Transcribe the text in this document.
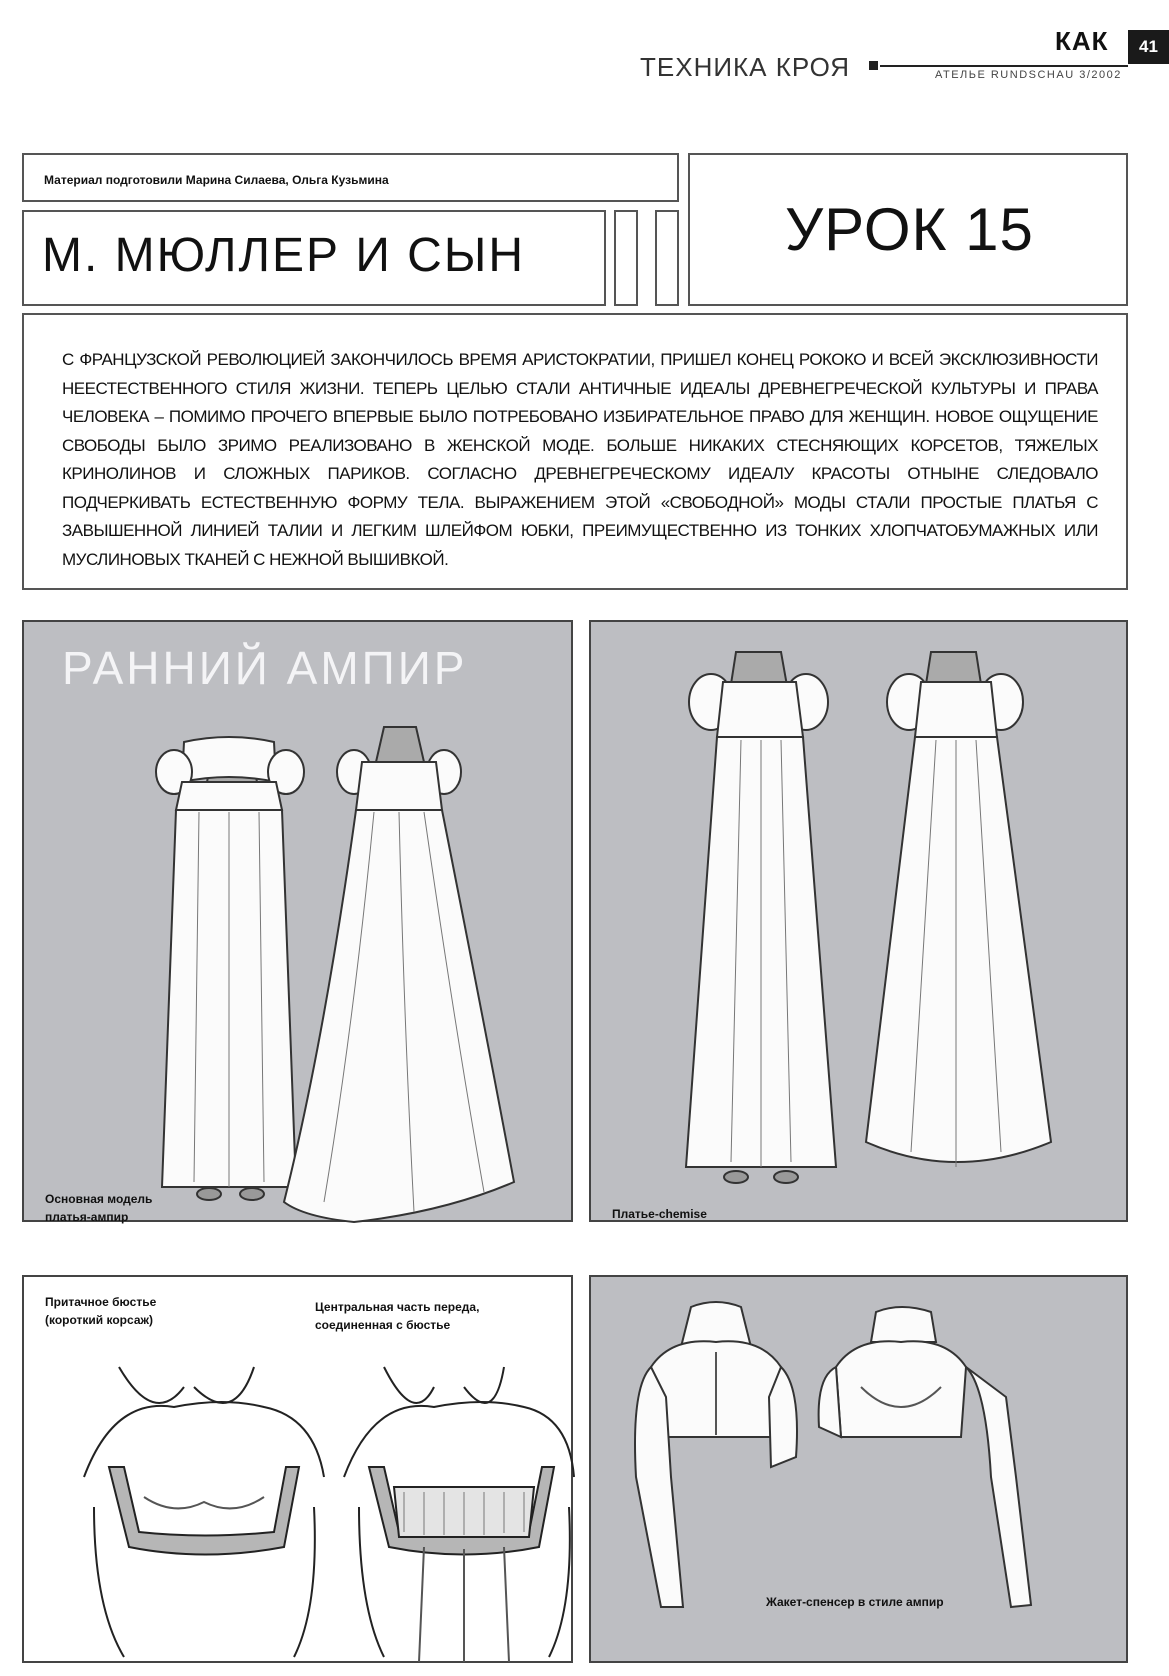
КАК	41
ТЕХНИКА КРОЯ	АТЕЛЬЕ RUNDSCHAU 3/2002
Материал подготовили Марина Силаева, Ольга Кузьмина
М. МЮЛЛЕР И СЫН	УРОК 15
С ФРАНЦУЗСКОЙ РЕВОЛЮЦИЕЙ ЗАКОНЧИЛОСЬ ВРЕМЯ АРИСТОКРАТИИ, ПРИШЕЛ КОНЕЦ РОКОКО И ВСЕЙ ЭКСКЛЮЗИВНОСТИ НЕЕСТЕСТВЕННОГО СТИЛЯ ЖИЗНИ. ТЕПЕРЬ ЦЕЛЬЮ СТАЛИ АНТИЧНЫЕ ИДЕАЛЫ ДРЕВНЕГРЕЧЕСКОЙ КУЛЬТУРЫ И ПРАВА ЧЕЛОВЕКА – ПОМИМО ПРОЧЕГО ВПЕРВЫЕ БЫЛО ПОТРЕБОВАНО ИЗБИРАТЕЛЬНОЕ ПРАВО ДЛЯ ЖЕНЩИН. НОВОЕ ОЩУЩЕНИЕ СВОБОДЫ БЫЛО ЗРИМО РЕАЛИЗОВАНО В ЖЕНСКОЙ МОДЕ. БОЛЬШЕ НИКАКИХ СТЕСНЯЮЩИХ КОРСЕТОВ, ТЯЖЕЛЫХ КРИНОЛИНОВ И СЛОЖНЫХ ПАРИКОВ. СОГЛАСНО ДРЕВНЕГРЕЧЕСКОМУ ИДЕАЛУ КРАСОТЫ ОТНЫНЕ СЛЕДОВАЛО ПОДЧЕРКИВАТЬ ЕСТЕСТВЕННУЮ ФОРМУ ТЕЛА. ВЫРАЖЕНИЕМ ЭТОЙ «СВОБОДНОЙ» МОДЫ СТАЛИ ПРОСТЫЕ ПЛАТЬЯ С ЗАВЫШЕННОЙ ЛИНИЕЙ ТАЛИИ И ЛЕГКИМ ШЛЕЙФОМ ЮБКИ, ПРЕИМУЩЕСТВЕННО ИЗ ТОНКИХ ХЛОПЧАТОБУМАЖНЫХ ИЛИ МУСЛИНОВЫХ ТКАНЕЙ С НЕЖНОЙ ВЫШИВКОЙ.
РАННИЙ АМПИР
Основная модель
платья-ампир	Платье-chemise
Притачное бюстье
(короткий корсаж)
Центральная часть переда,
соединенная с бюстье
Жакет-спенсер в стиле ампир
